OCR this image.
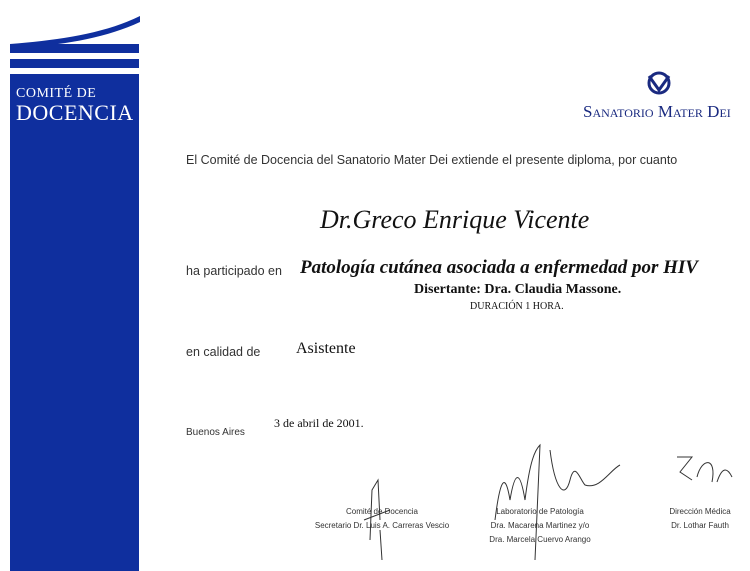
COMITÉ DE
DOCENCIA	Sanatorio Mater Dei
El Comité de Docencia del Sanatorio Mater Dei extiende el presente diploma, por cuanto
Dr.Greco Enrique Vicente
ha participado en Patología cutánea asociada a enfermedad por HIV
Disertante: Dra. Claudia Massone.
DURACIÓN 1 HORA.
en calidad de Asistente
Buenos Aires
3 de abril de 2001.
Comité de Docencia
Secretario Dr. Luis A. Carreras Vescio
Laboratorio de Patología
Dra. Macarena Martinez y/o
Dra. Marcela Cuervo Arango
Dirección Médica
Dr. Lothar Fauth
